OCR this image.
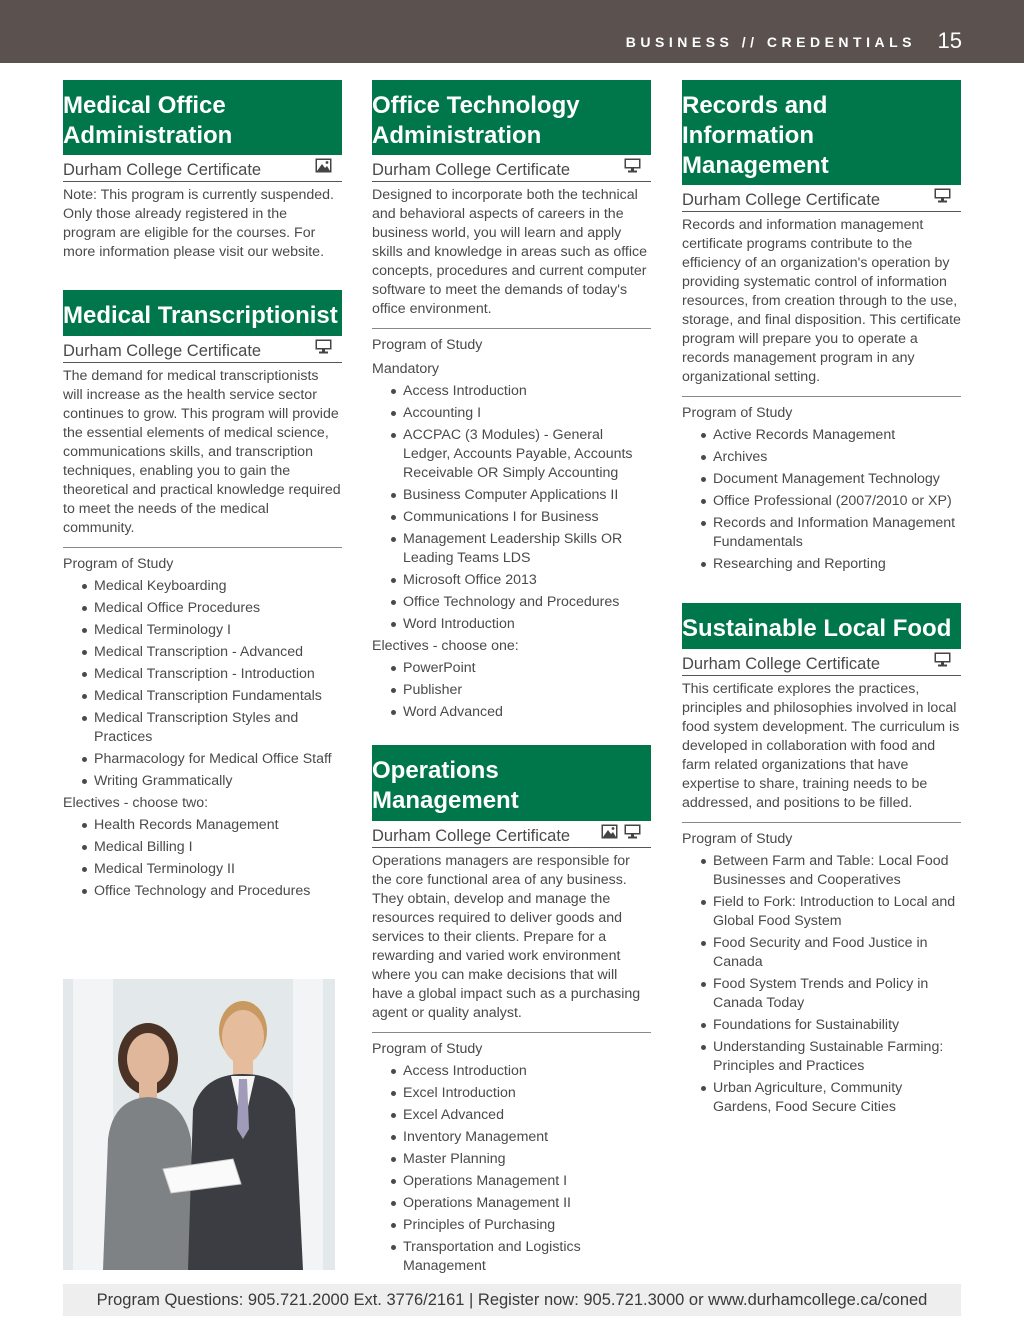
BUSINESS // CREDENTIALS 15
Medical Office Administration
Durham College Certificate

Note: This program is currently suspended. Only those already registered in the program are eligible for the courses. For more information please visit our website.

Medical Transcriptionist
Durham College Certificate

The demand for medical transcriptionists will increase as the health service sector continues to grow. This program will provide the essential elements of medical science, communications skills, and transcription techniques, enabling you to gain the theoretical and practical knowledge required to meet the needs of the medical community.

Program of Study

Medical Keyboarding
Medical Office Procedures
Medical Terminology I
Medical Transcription - Advanced
Medical Transcription - Introduction
Medical Transcription Fundamentals
Medical Transcription Styles and Practices
Pharmacology for Medical Office Staff
Writing Grammatically

Electives - choose two:

Health Records Management
Medical Billing I
Medical Terminology II
Office Technology and Procedures
Office Technology Administration
Durham College Certificate

Designed to incorporate both the technical and behavioral aspects of careers in the business world, you will learn and apply skills and knowledge in areas such as office concepts, procedures and current computer software to meet the demands of today's office environment.

Program of Study

Mandatory

Access Introduction
Accounting I
ACCPAC (3 Modules) - General Ledger, Accounts Payable, Accounts Receivable OR Simply Accounting
Business Computer Applications II
Communications I for Business
Management Leadership Skills OR Leading Teams LDS
Microsoft Office 2013
Office Technology and Procedures
Word Introduction

Electives - choose one:

PowerPoint
Publisher
Word Advanced
Operations Management
Durham College Certificate

Operations managers are responsible for the core functional area of any business. They obtain, develop and manage the resources required to deliver goods and services to their clients. Prepare for a rewarding and varied work environment where you can make decisions that will have a global impact such as a purchasing agent or quality analyst.

Program of Study

Access Introduction
Excel Introduction
Excel Advanced
Inventory Management
Master Planning
Operations Management I
Operations Management II
Principles of Purchasing
Transportation and Logistics Management
Records and Information Management
Durham College Certificate

Records and information management certificate programs contribute to the efficiency of an organization's operation by providing systematic control of information resources, from creation through to the use, storage, and final disposition. This certificate program will prepare you to operate a records management program in any organizational setting.

Program of Study

Active Records Management
Archives
Document Management Technology
Office Professional (2007/2010 or XP)
Records and Information Management Fundamentals
Researching and Reporting
Sustainable Local Food
Durham College Certificate

This certificate explores the practices, principles and philosophies involved in local food system development. The curriculum is developed in collaboration with food and farm related organizations that have expertise to share, training needs to be addressed, and positions to be filled.

Program of Study

Between Farm and Table: Local Food Businesses and Cooperatives
Field to Fork: Introduction to Local and Global Food System
Food Security and Food Justice in Canada
Food System Trends and Policy in Canada Today
Foundations for Sustainability
Understanding Sustainable Farming: Principles and Practices
Urban Agriculture, Community Gardens, Food Secure Cities
Program Questions: 905.721.2000 Ext. 3776/2161 | Register now: 905.721.3000 or www.durhamcollege.ca/coned
